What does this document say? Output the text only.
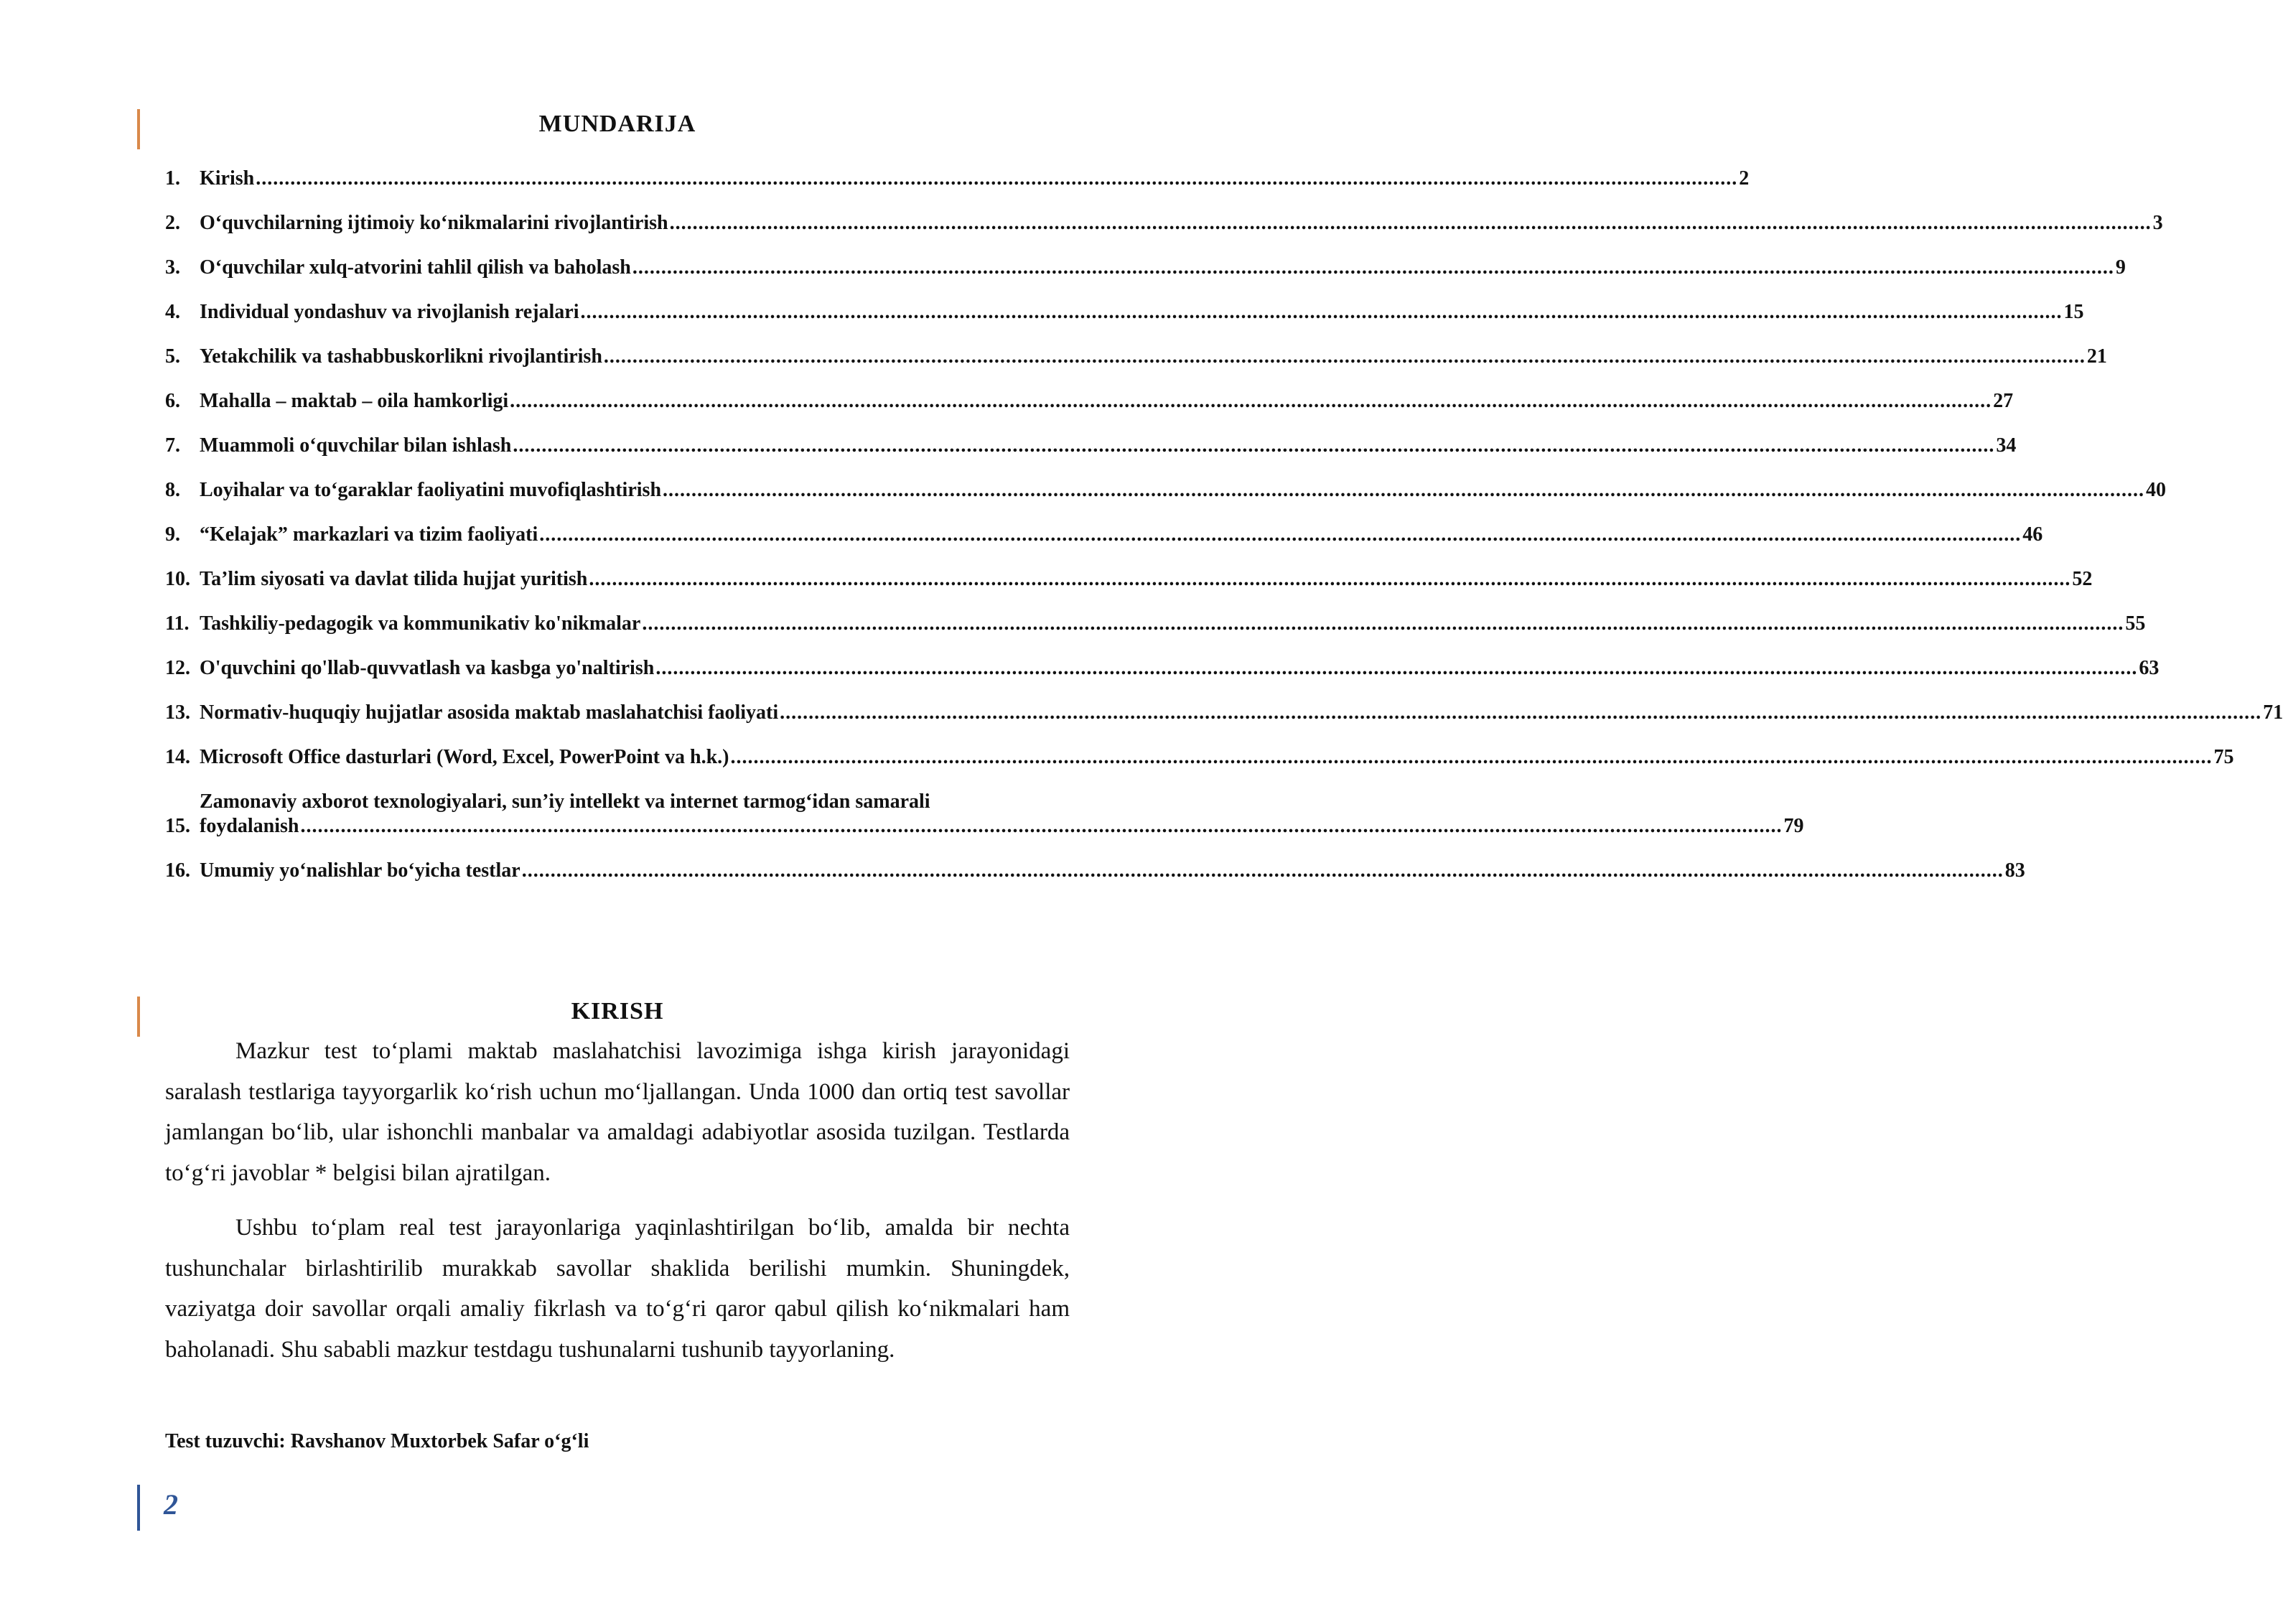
MUNDARIJA
1. Kirish .....	2
2. O‘quvchilarning ijtimoiy ko‘nikmalarini rivojlantirish .....	3
3. O‘quvchilar xulq-atvorini tahlil qilish va baholash .....	9
4. Individual yondashuv va rivojlanish rejalari .....	15
5. Yetakchilik va tashabbuskorlikni rivojlantirish .....	21
6. Mahalla – maktab – oila hamkorligi .....	27
7. Muammoli o‘quvchilar bilan ishlash .....	34
8. Loyihalar va to‘garaklar faoliyatini muvofiqlashtirish .....	40
9. “Kelajak” markazlari va tizim faoliyati .....	46
10. Ta’lim siyosati va davlat tilida hujjat yuritish .....	52
11. Tashkiliy-pedagogik va kommunikativ ko'nikmalar .....	55
12. O'quvchini qo'llab-quvvatlash va kasbga yo'naltirish .....	63
13. Normativ-huquqiy hujjatlar asosida maktab maslahatchisi faoliyati .....	71
14. Microsoft Office dasturlari (Word, Excel, PowerPoint va h.k.) .....	75
15.
Zamonaviy axborot texnologiyalari, sun’iy intellekt va internet tarmog‘idan samarali
foydalanish .....	79
16. Umumiy yo‘nalishlar bo‘yicha testlar .....	83
KIRISH

Mazkur test to‘plami maktab maslahatchisi lavozimiga ishga kirish jarayonidagi saralash testlariga tayyorgarlik ko‘rish uchun mo‘ljallangan. Unda 1000 dan ortiq test savollar jamlangan bo‘lib, ular ishonchli manbalar va amaldagi adabiyotlar asosida tuzilgan. Testlarda to‘g‘ri javoblar * belgisi bilan ajratilgan.

Ushbu to‘plam real test jarayonlariga yaqinlashtirilgan bo‘lib, amalda bir nechta tushunchalar birlashtirilib murakkab savollar shaklida berilishi mumkin. Shuningdek, vaziyatga doir savollar orqali amaliy fikrlash va to‘g‘ri qaror qabul qilish ko‘nikmalari ham baholanadi. Shu sababli mazkur testdagu tushunalarni tushunib tayyorlaning.

Test tuzuvchi: Ravshanov Muxtorbek Safar o‘g‘li

2
